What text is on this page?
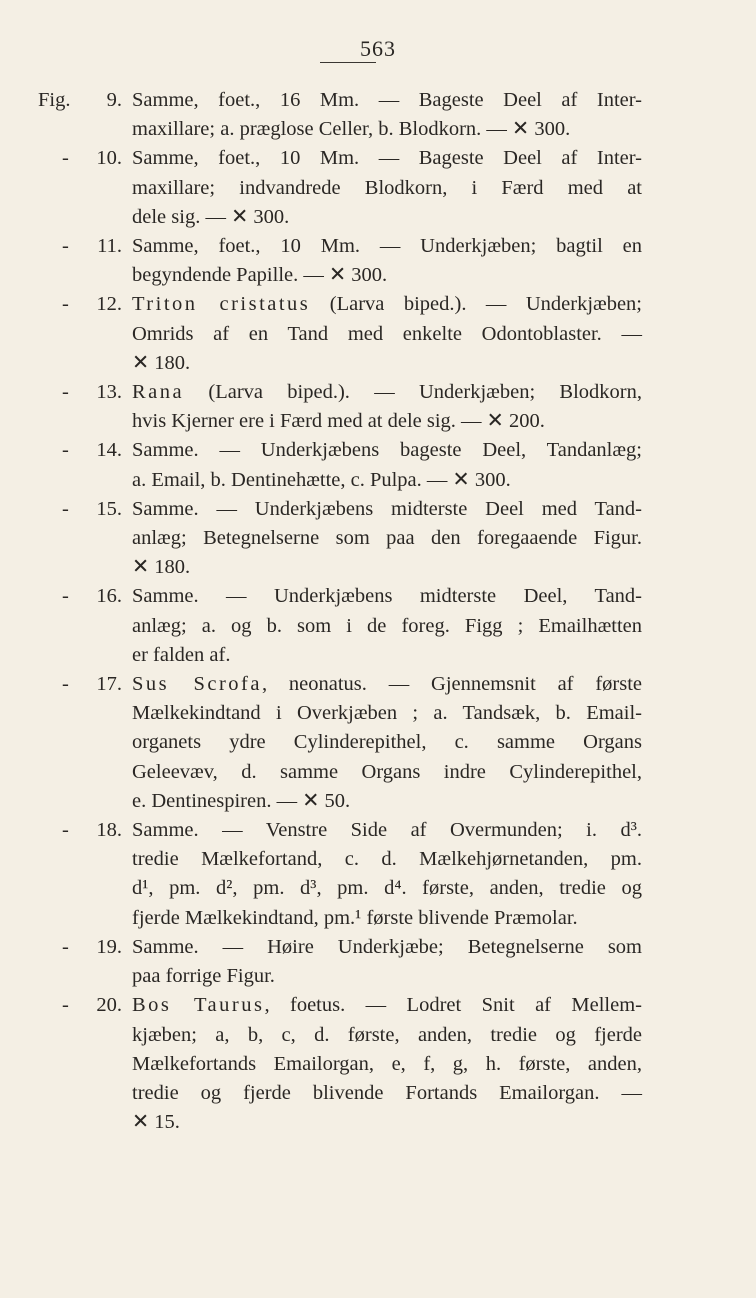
563
Fig. 9. Samme, foet., 16 Mm. — Bageste Deel af Inter-
maxillare; a. præglose Celler, b. Blodkorn. — ✕ 300.
- 10. Samme, foet., 10 Mm. — Bageste Deel af Inter-
maxillare; indvandrede Blodkorn, i Færd med at
dele sig. — ✕ 300.
- 11. Samme, foet., 10 Mm. — Underkjæben; bagtil en
begyndende Papille. — ✕ 300.
- 12. Triton cristatus (Larva biped.). — Underkjæben;
Omrids af en Tand med enkelte Odontoblaster. —
✕ 180.
- 13. Rana (Larva biped.). — Underkjæben; Blodkorn,
hvis Kjerner ere i Færd med at dele sig. — ✕ 200.
- 14. Samme. — Underkjæbens bageste Deel, Tandanlæg;
a. Email, b. Dentinehætte, c. Pulpa. — ✕ 300.
- 15. Samme. — Underkjæbens midterste Deel med Tand-
anlæg; Betegnelserne som paa den foregaaende Figur.
✕ 180.
- 16. Samme. — Underkjæbens midterste Deel, Tand-
anlæg; a. og b. som i de foreg. Figg ; Emailhætten
er falden af.
- 17. Sus Scrofa, neonatus. — Gjennemsnit af første
Mælkekindtand i Overkjæben ; a. Tandsæk, b. Email-
organets ydre Cylinderepithel, c. samme Organs
Geleevæv, d. samme Organs indre Cylinderepithel,
e. Dentinespiren. — ✕ 50.
- 18. Samme. — Venstre Side af Overmunden; i. d³.
tredie Mælkefortand, c. d. Mælkehjørnetanden, pm.
d¹, pm. d², pm. d³, pm. d⁴. første, anden, tredie og
fjerde Mælkekindtand, pm.¹ første blivende Præmolar.
- 19. Samme. — Høire Underkjæbe; Betegnelserne som
paa forrige Figur.
- 20. Bos Taurus, foetus. — Lodret Snit af Mellem-
kjæben; a, b, c, d. første, anden, tredie og fjerde
Mælkefortands Emailorgan, e, f, g, h. første, anden,
tredie og fjerde blivende Fortands Emailorgan. —
✕ 15.
